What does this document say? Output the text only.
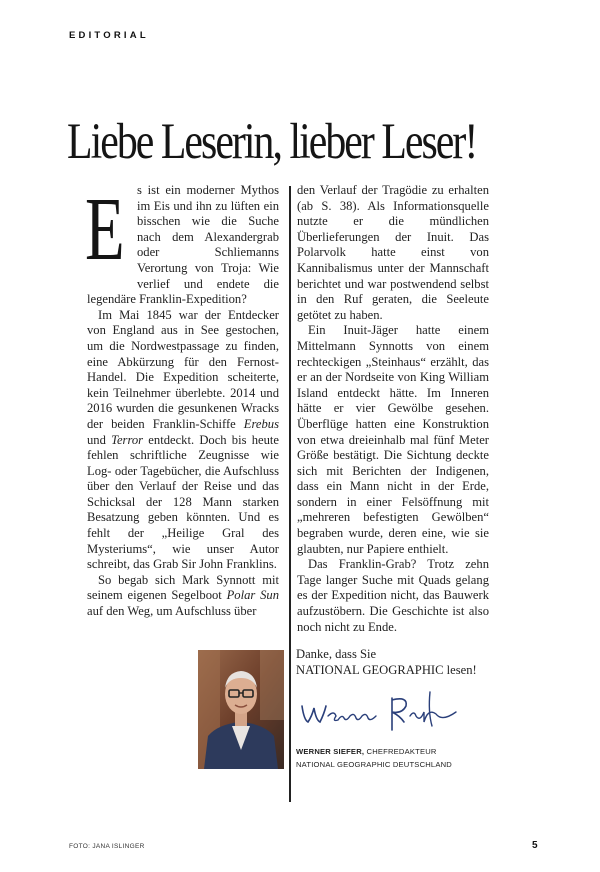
EDITORIAL
Liebe Leserin, lieber Leser!

Es ist ein moderner Mythos im Eis und ihn zu lüften ein bisschen wie die Suche nach dem Alexandergrab oder Schliemanns Verortung von Troja: Wie verlief und endete die legendäre Franklin-Expedition?

Im Mai 1845 war der Entdecker von England aus in See gestochen, um die Nordwestpassage zu finden, eine Abkürzung für den Fernost-Handel. Die Expedition scheiterte, kein Teilnehmer überlebte. 2014 und 2016 wurden die gesunkenen Wracks der beiden Franklin-Schiffe Erebus und Terror entdeckt. Doch bis heute fehlen schriftliche Zeugnisse wie Log- oder Tagebücher, die Aufschluss über den Verlauf der Reise und das Schicksal der 128 Mann starken Besatzung geben könnten. Und es fehlt der „Heilige Gral des Mysteriums“, wie unser Autor schreibt, das Grab Sir John Franklins.

So begab sich Mark Synnott mit seinem eigenen Segelboot Polar Sun auf den Weg, um Aufschluss über

den Verlauf der Tragödie zu erhalten (ab S. 38). Als Informationsquelle nutzte er die mündlichen Überlieferungen der Inuit. Das Polarvolk hatte einst von Kannibalismus unter der Mannschaft berichtet und war postwendend selbst in den Ruf geraten, die Seeleute getötet zu haben.

Ein Inuit-Jäger hatte einem Mittelmann Synnotts von einem rechteckigen „Steinhaus“ erzählt, das er an der Nordseite von King William Island entdeckt hätte. Im Inneren hätte er vier Gewölbe gesehen. Überflüge hatten eine Konstruktion von etwa dreieinhalb mal fünf Meter Größe bestätigt. Die Sichtung deckte sich mit Berichten der Indigenen, dass ein Mann nicht in der Erde, sondern in einer Felsöffnung mit „mehreren befestigten Gewölben“ begraben wurde, deren eine, wie sie glaubten, nur Papiere enthielt.

Das Franklin-Grab? Trotz zehn Tage langer Suche mit Quads gelang es der Expedition nicht, das Bauwerk aufzustöbern. Die Geschichte ist also noch nicht zu Ende.

Danke, dass Sie
NATIONAL GEOGRAPHIC lesen!
WERNER SIEFER, CHEFREDAKTEUR
NATIONAL GEOGRAPHIC DEUTSCHLAND
FOTO: JANA ISLINGER	5
